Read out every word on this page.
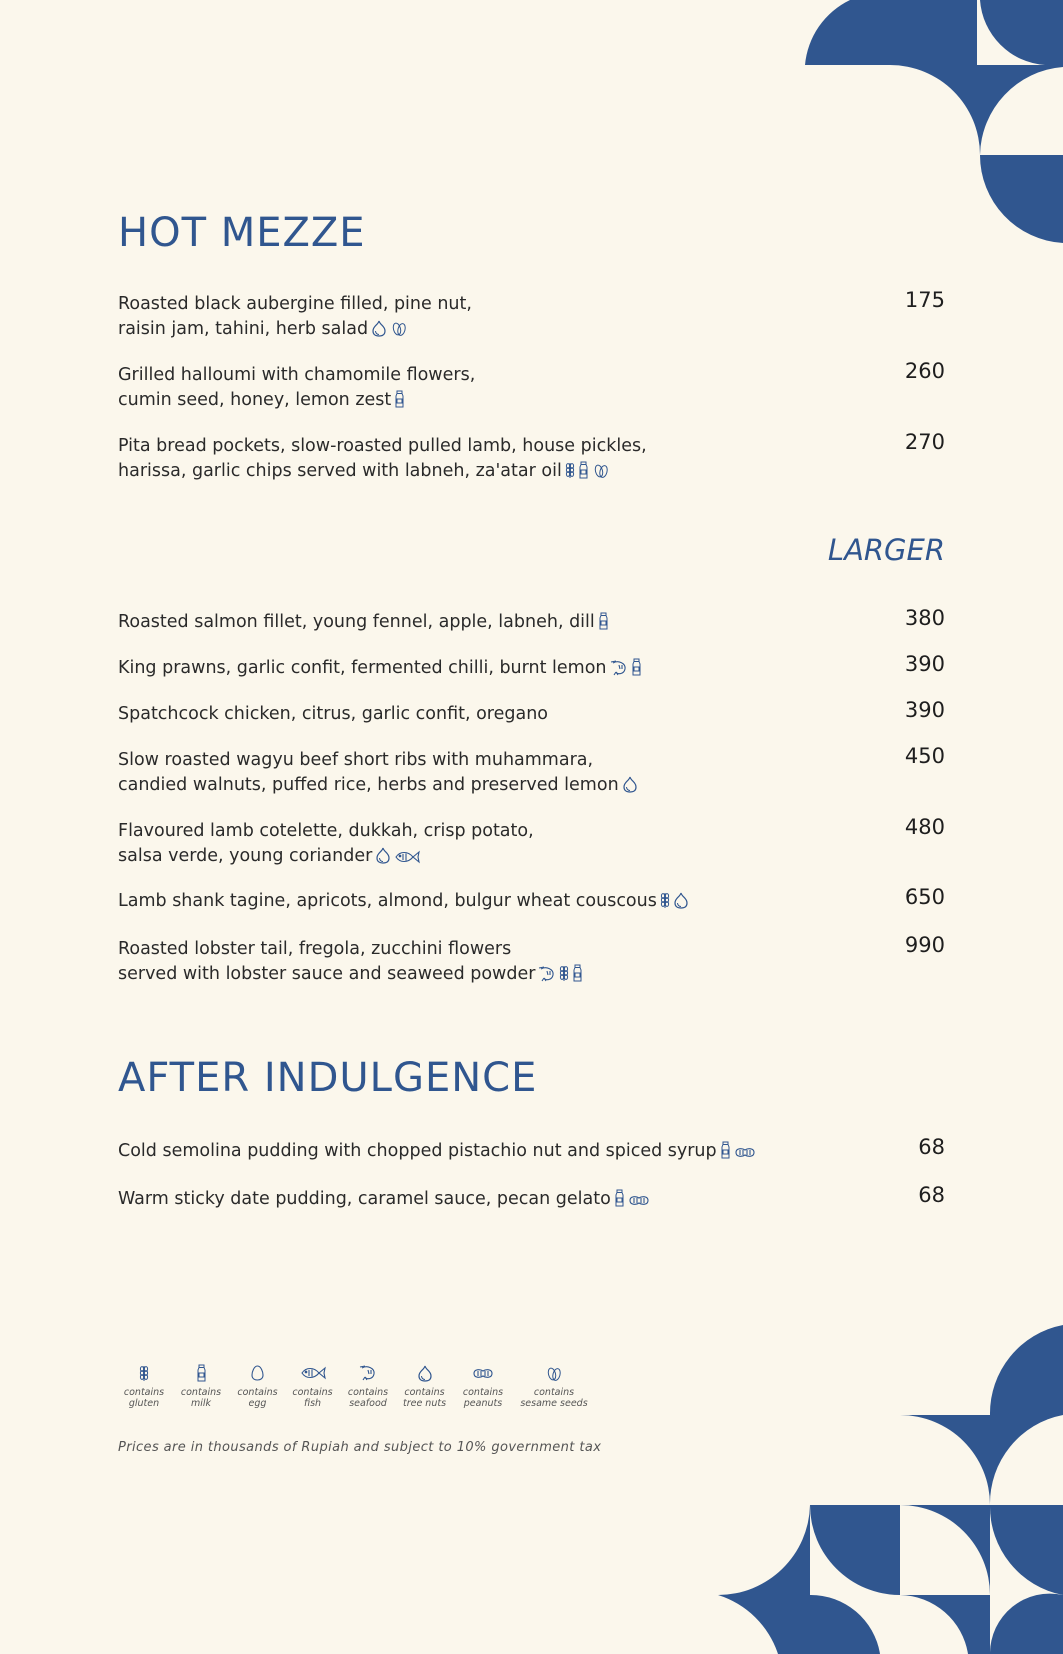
HOT MEZZE
Roasted black aubergine filled, pine nut,
raisin jam, tahini, herb salad
175
Grilled halloumi with chamomile flowers,
cumin seed, honey, lemon zest
260
Pita bread pockets, slow-roasted pulled lamb, house pickles,
harissa, garlic chips served with labneh, za'atar oil
270
LARGER
Roasted salmon fillet, young fennel, apple, labneh, dill	380
King prawns, garlic confit, fermented chilli, burnt lemon	390
Spatchcock chicken, citrus, garlic confit, oregano	390
Slow roasted wagyu beef short ribs with muhammara,
candied walnuts, puffed rice, herbs and preserved lemon
450
Flavoured lamb cotelette, dukkah, crisp potato,
salsa verde, young coriander
480
Lamb shank tagine, apricots, almond, bulgur wheat couscous	650
Roasted lobster tail, fregola, zucchini flowers
served with lobster sauce and seaweed powder
990
AFTER INDULGENCE
Cold semolina pudding with chopped pistachio nut and spiced syrup	68
Warm sticky date pudding, caramel sauce, pecan gelato	68
contains
gluten
contains
milk
contains
egg
contains
fish
contains
seafood
contains
tree nuts
contains
peanuts
contains
sesame seeds

Prices are in thousands of Rupiah and subject to 10% government tax
